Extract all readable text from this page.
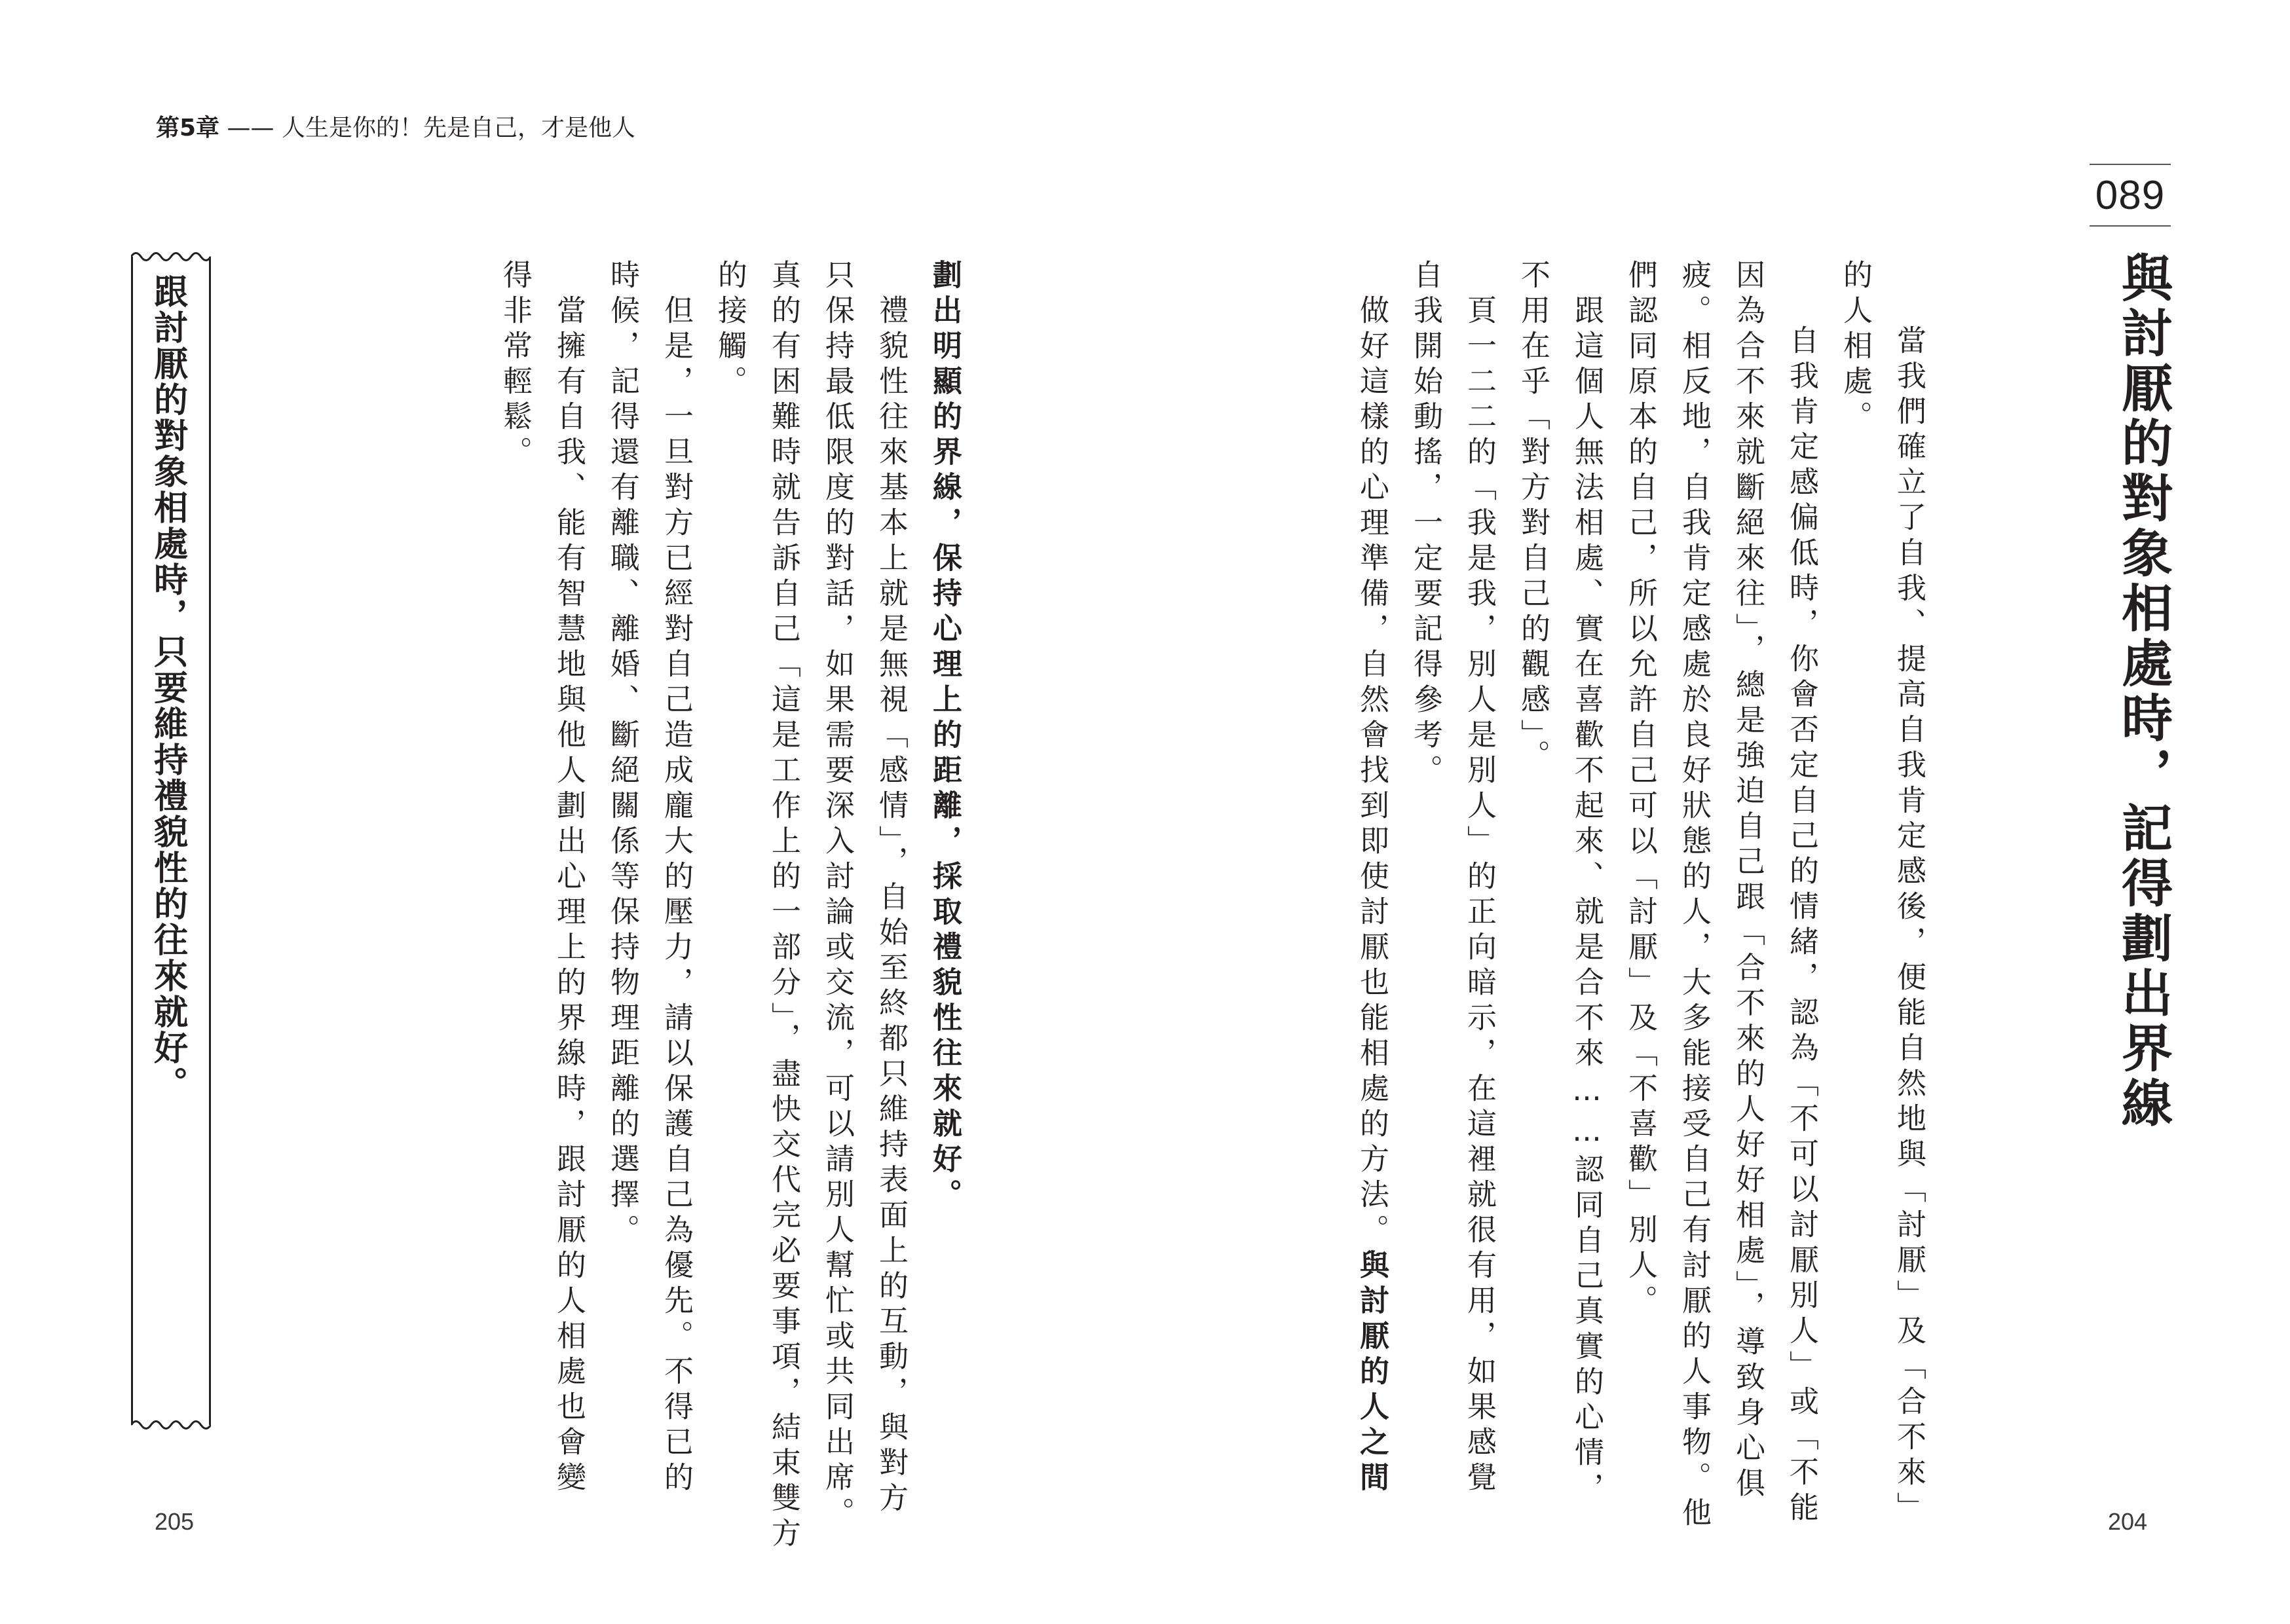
第5章 —— 人生是你的！先是自己，才是他人
089
與討厭的對象相處時，記得劃出界線
當我們確立了自我、提高自我肯定感後，便能自然地與「討厭」及「合不來」
的人相處。
　自我肯定感偏低時，你會否定自己的情緒，認為「不可以討厭別人」或「不能
因為合不來就斷絕來往」，總是強迫自己跟「合不來的人好好相處」，導致身心俱
疲。相反地，自我肯定感處於良好狀態的人，大多能接受自己有討厭的人事物。他
們認同原本的自己，所以允許自己可以「討厭」及「不喜歡」別人。
　跟這個人無法相處、實在喜歡不起來、就是合不來……認同自己真實的心情，
不用在乎「對方對自己的觀感」。
　頁一二二的「我是我，別人是別人」的正向暗示，在這裡就很有用，如果感覺
自我開始動搖，一定要記得參考。
　做好這樣的心理準備，自然會找到即使討厭也能相處的方法。與討厭的人之間
204
劃出明顯的界線，保持心理上的距離，採取禮貌性往來就好。
　禮貌性往來基本上就是無視「感情」，自始至終都只維持表面上的互動，與對方
只保持最低限度的對話，如果需要深入討論或交流，可以請別人幫忙或共同出席。
真的有困難時就告訴自己「這是工作上的一部分」，盡快交代完必要事項，結束雙方
的接觸。
　但是，一旦對方已經對自己造成龐大的壓力，請以保護自己為優先。不得已的
時候，記得還有離職、離婚、斷絕關係等保持物理距離的選擇。
　當擁有自我、能有智慧地與他人劃出心理上的界線時，跟討厭的人相處也會變
得非常輕鬆。
跟討厭的對象相處時，只要維持禮貌性的往來就好。
205
